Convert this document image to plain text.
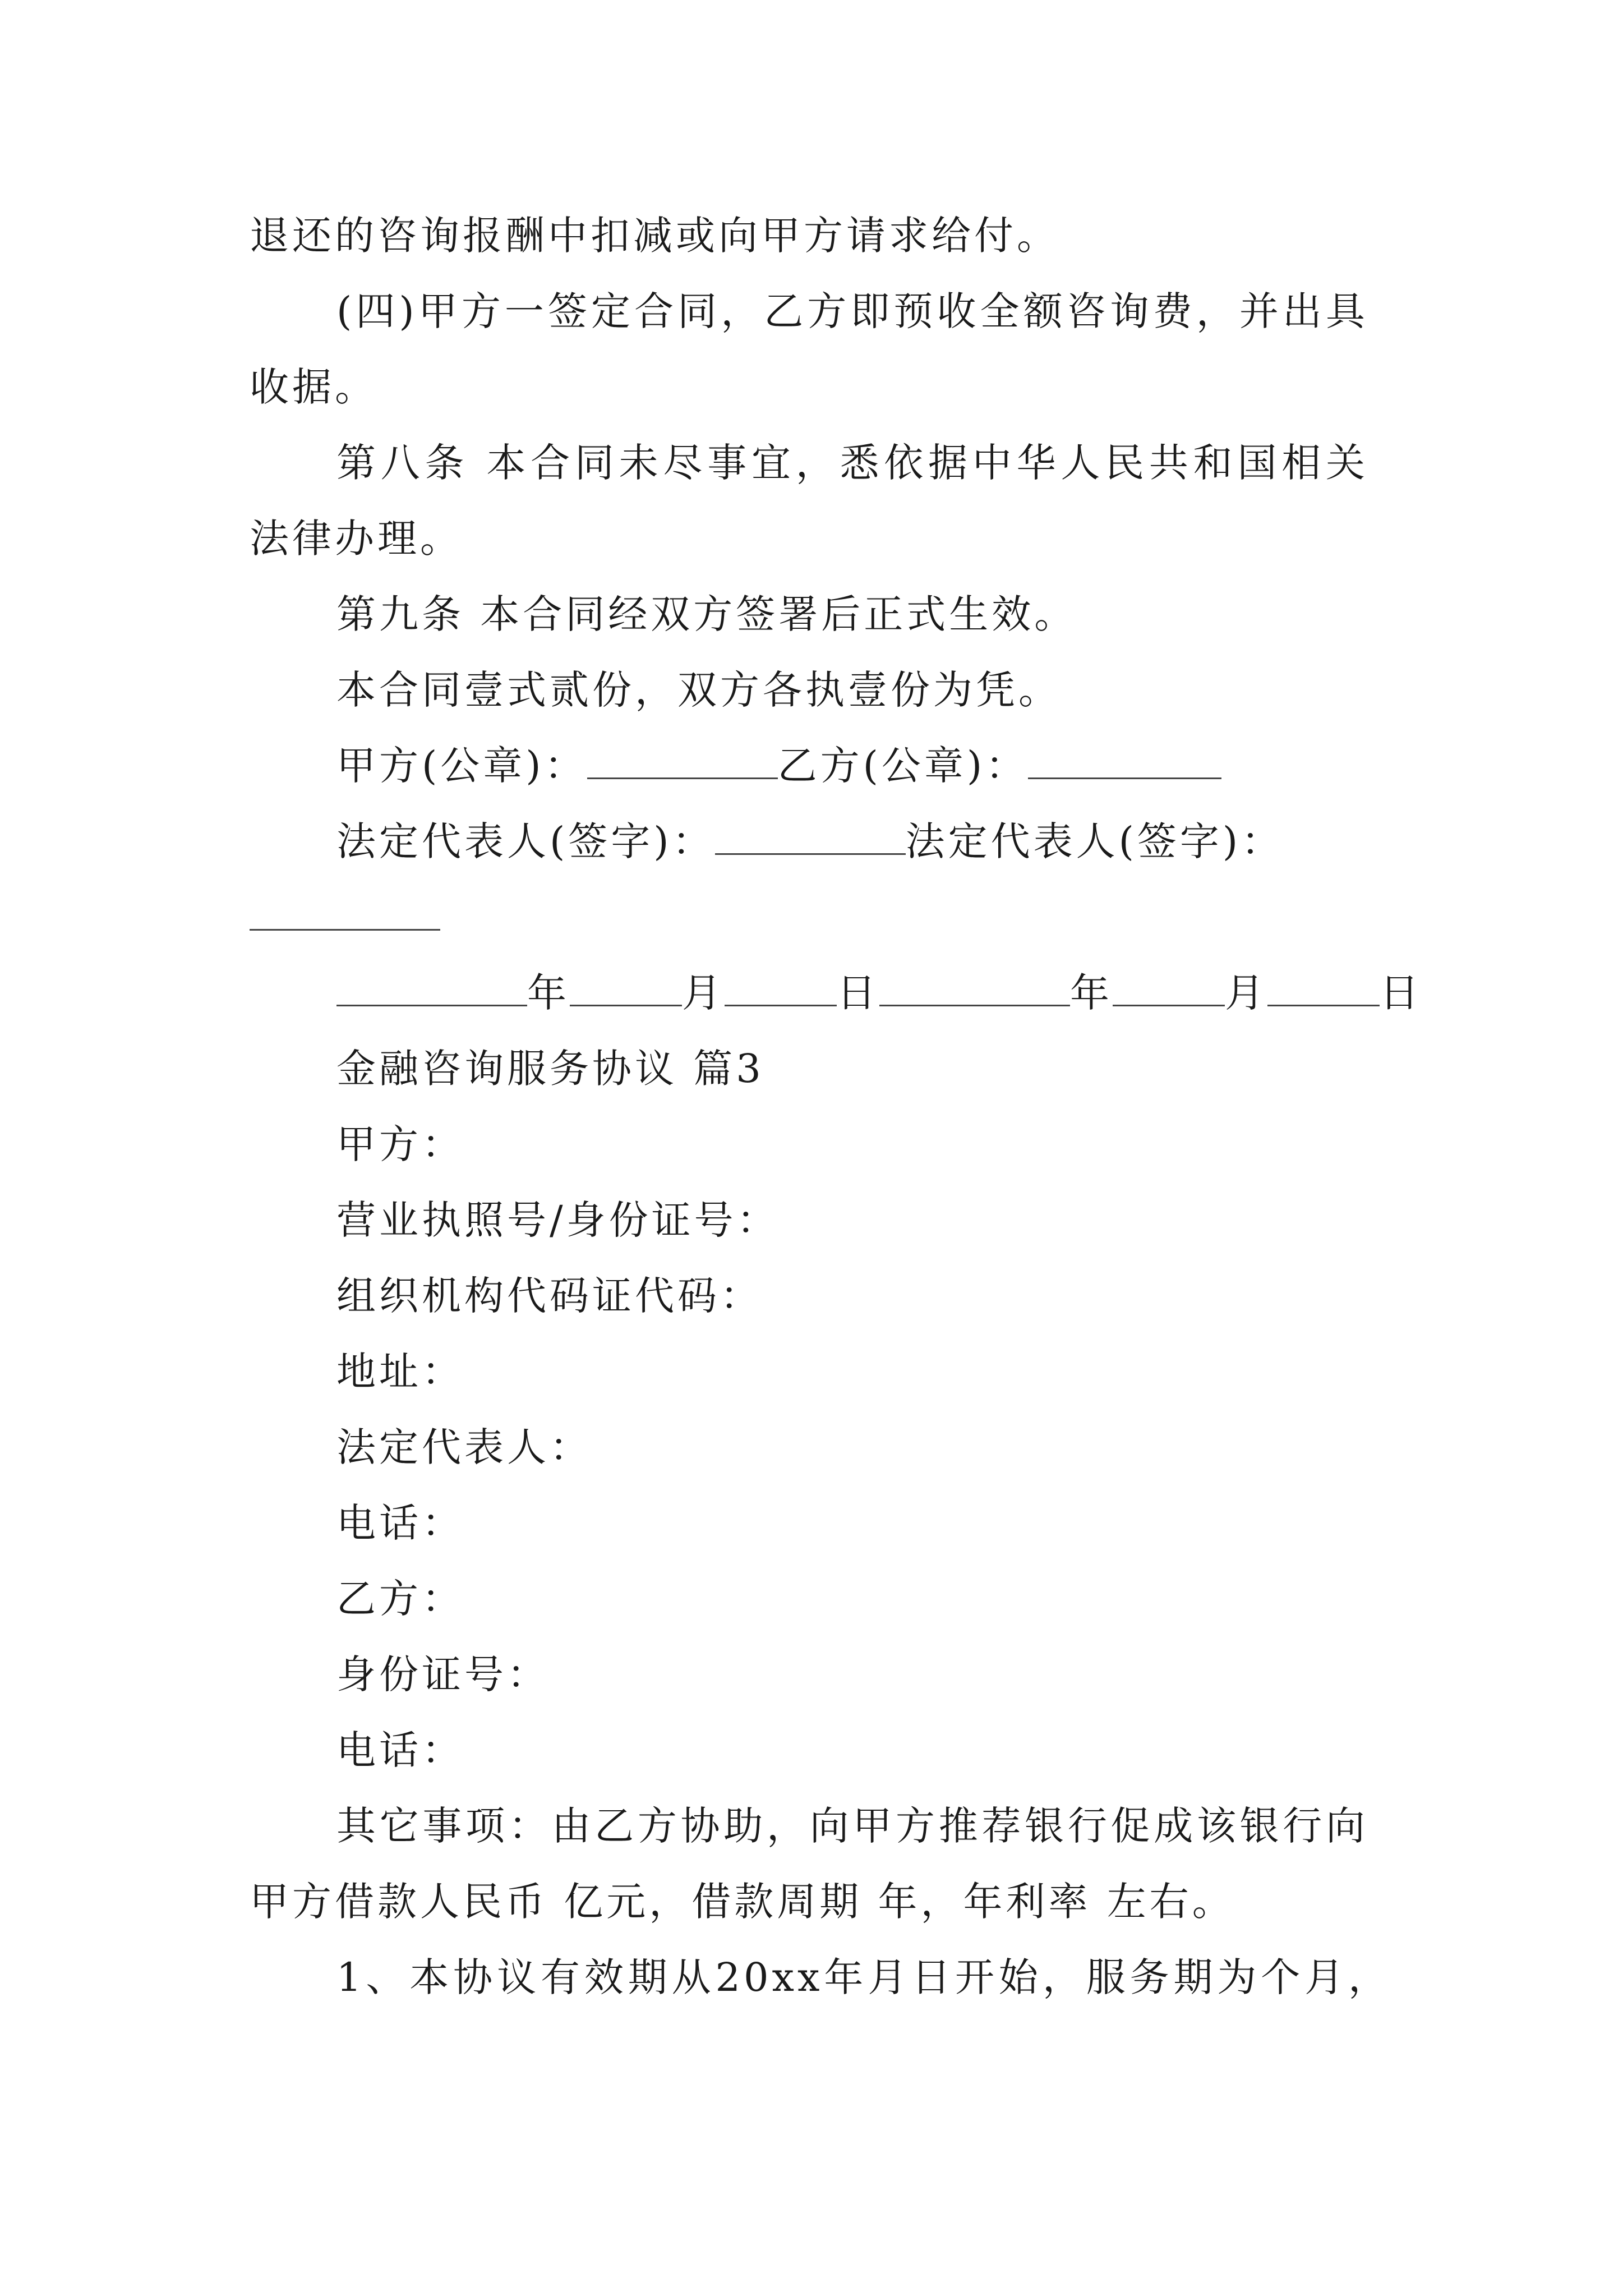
退还的咨询报酬中扣减或向甲方请求给付。
(四)甲方一签定合同，乙方即预收全额咨询费，并出具
收据。
第八条 本合同未尽事宜，悉依据中华人民共和国相关
法律办理。
第九条 本合同经双方签署后正式生效。
本合同壹式贰份，双方各执壹份为凭。
甲方(公章)：	乙方(公章)：
法定代表人(签字)：	法定代表人(签字)：
年	月	日	年	月	日
金融咨询服务协议 篇3
甲方：
营业执照号/身份证号：
组织机构代码证代码：
地址：
法定代表人：
电话：
乙方：
身份证号：
电话：
其它事项：由乙方协助，向甲方推荐银行促成该银行向
甲方借款人民币 亿元，借款周期 年，年利率 左右。
1、本协议有效期从20xx年月日开始，服务期为个月，
